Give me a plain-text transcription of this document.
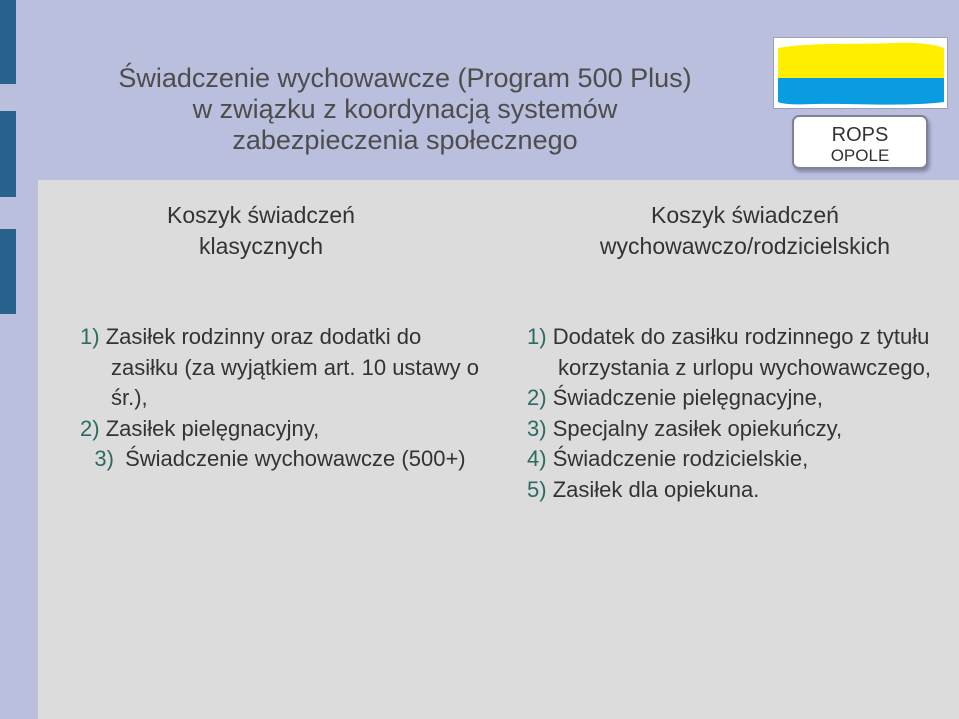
Świadczenie wychowawcze (Program 500 Plus)
w związku z koordynacją systemów
zabezpieczenia społecznego	ROPS
OPOLE
Koszyk świadczeń
klasycznych
Koszyk świadczeń
wychowawczo/rodzicielskich
1) Zasiłek rodzinny oraz dodatki do zasiłku (za wyjątkiem art. 10 ustawy o śr.),
2) Zasiłek pielęgnacyjny,
3) Świadczenie wychowawcze (500+)
1) Dodatek do zasiłku rodzinnego z tytułu korzystania z urlopu wychowawczego,
2) Świadczenie pielęgnacyjne,
3) Specjalny zasiłek opiekuńczy,
4) Świadczenie rodzicielskie,
5) Zasiłek dla opiekuna.
